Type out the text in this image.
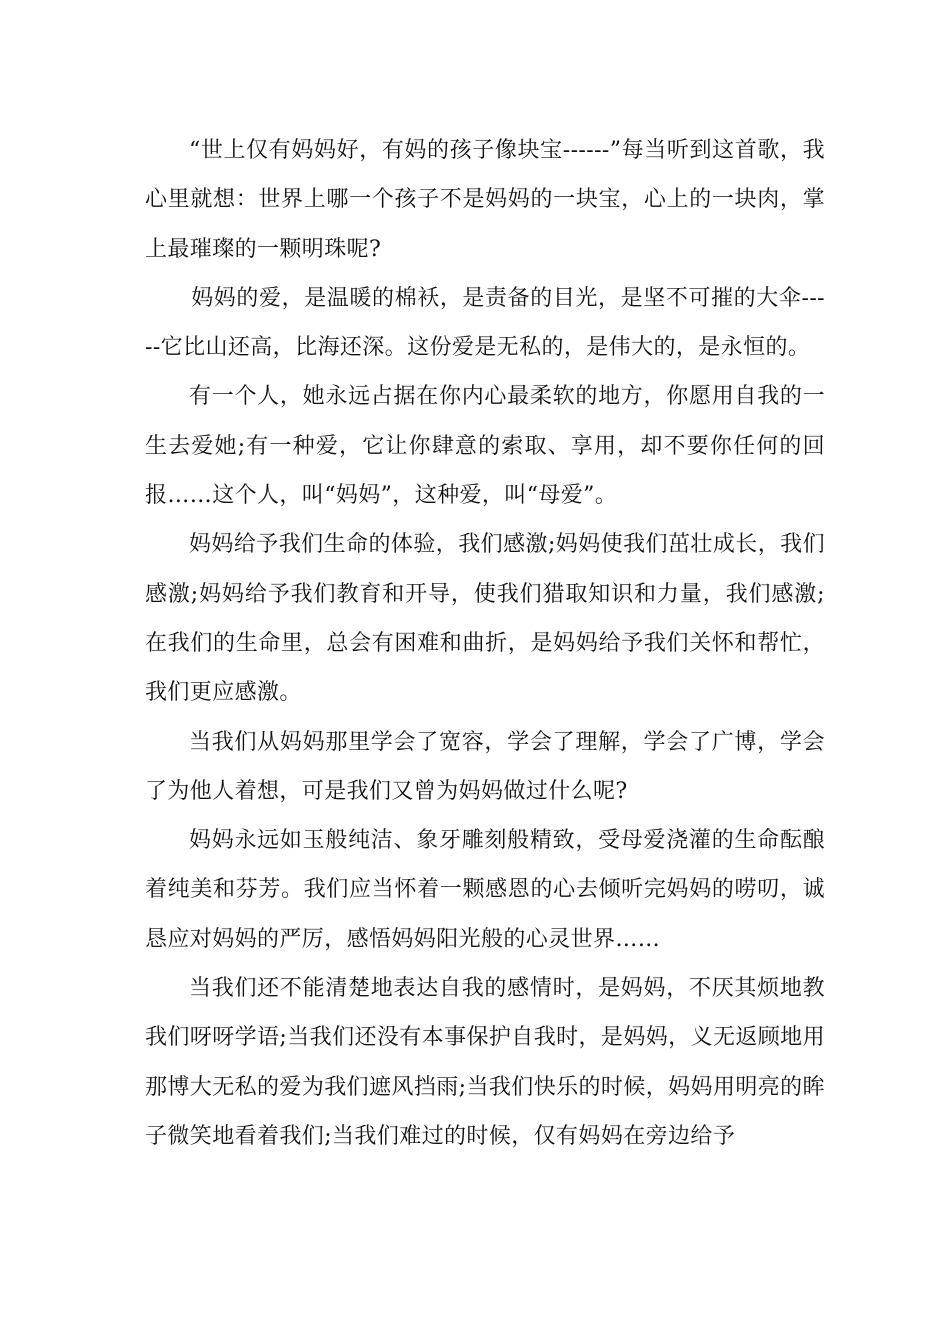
“世上仅有妈妈好，有妈的孩子像块宝------”每当听到这首歌，我心里就想：世界上哪一个孩子不是妈妈的一块宝，心上的一块肉，掌上最璀璨的一颗明珠呢?

妈妈的爱，是温暖的棉袄，是责备的目光，是坚不可摧的大伞-----它比山还高，比海还深。这份爱是无私的，是伟大的，是永恒的。

有一个人，她永远占据在你内心最柔软的地方，你愿用自我的一生去爱她;有一种爱，它让你肆意的索取、享用，却不要你任何的回报……这个人，叫“妈妈”，这种爱，叫“母爱”。

妈妈给予我们生命的体验，我们感激;妈妈使我们茁壮成长，我们感激;妈妈给予我们教育和开导，使我们猎取知识和力量，我们感激;在我们的生命里，总会有困难和曲折，是妈妈给予我们关怀和帮忙，我们更应感激。

当我们从妈妈那里学会了宽容，学会了理解，学会了广博，学会了为他人着想，可是我们又曾为妈妈做过什么呢?

妈妈永远如玉般纯洁、象牙雕刻般精致，受母爱浇灌的生命酝酿着纯美和芬芳。我们应当怀着一颗感恩的心去倾听完妈妈的唠叨，诚恳应对妈妈的严厉，感悟妈妈阳光般的心灵世界……

当我们还不能清楚地表达自我的感情时，是妈妈，不厌其烦地教我们呀呀学语;当我们还没有本事保护自我时，是妈妈，义无返顾地用那博大无私的爱为我们遮风挡雨;当我们快乐的时候，妈妈用明亮的眸子微笑地看着我们;当我们难过的时候，仅有妈妈在旁边给予
